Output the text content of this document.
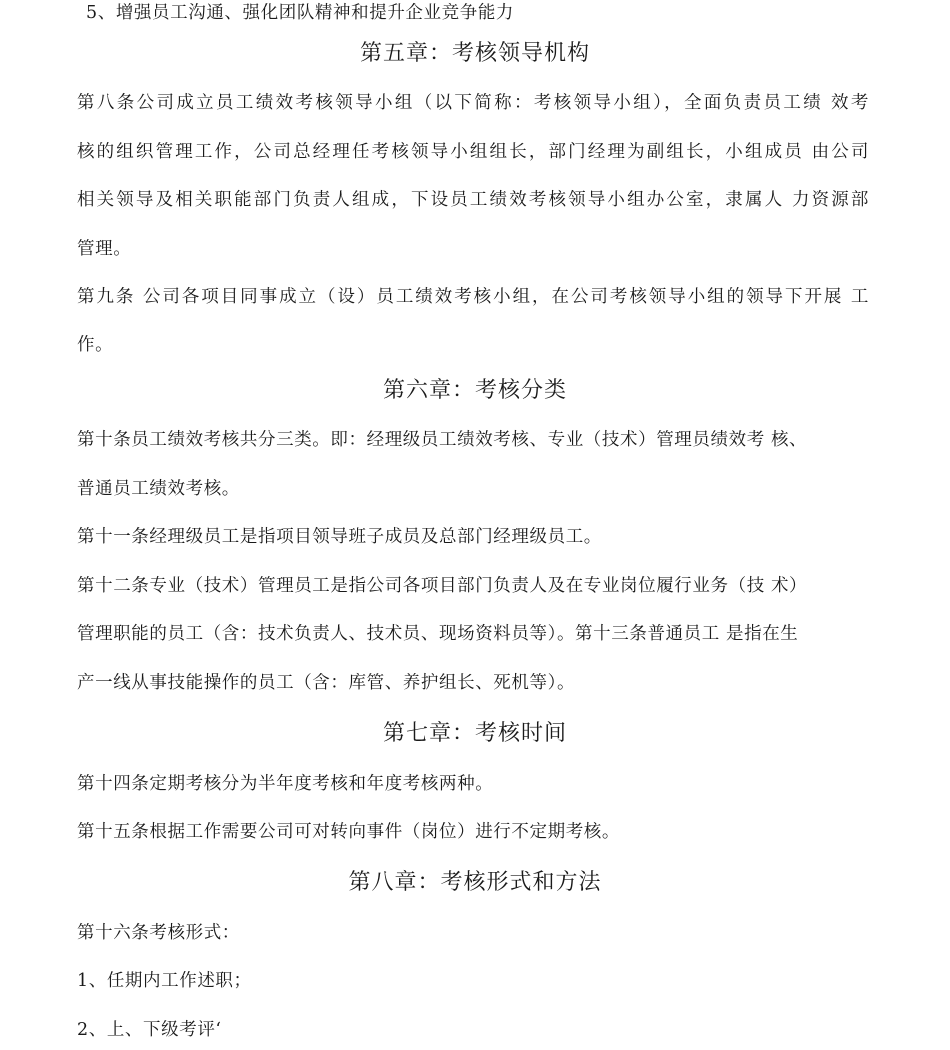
5、增强员工沟通、强化团队精神和提升企业竞争能力
第五章：考核领导机构
第八条公司成立员工绩效考核领导小组（以下简称：考核领导小组），全面负责员工绩 效考
核的组织管理工作，公司总经理任考核领导小组组长，部门经理为副组长，小组成员 由公司
相关领导及相关职能部门负责人组成，下设员工绩效考核领导小组办公室，隶属人 力资源部
管理。
第九条 公司各项目同事成立（设）员工绩效考核小组，在公司考核领导小组的领导下开展 工
作。
第六章：考核分类
第十条员工绩效考核共分三类。即：经理级员工绩效考核、专业（技术）管理员绩效考 核、
普通员工绩效考核。
第十一条经理级员工是指项目领导班子成员及总部门经理级员工。
第十二条专业（技术）管理员工是指公司各项目部门负责人及在专业岗位履行业务（技 术）
管理职能的员工（含：技术负责人、技术员、现场资料员等）。第十三条普通员工 是指在生
产一线从事技能操作的员工（含：库管、养护组长、死机等）。
第七章：考核时间
第十四条定期考核分为半年度考核和年度考核两种。
第十五条根据工作需要公司可对转向事件（岗位）进行不定期考核。
第八章：考核形式和方法
第十六条考核形式：
1、任期内工作述职；
2、上、下级考评‘
